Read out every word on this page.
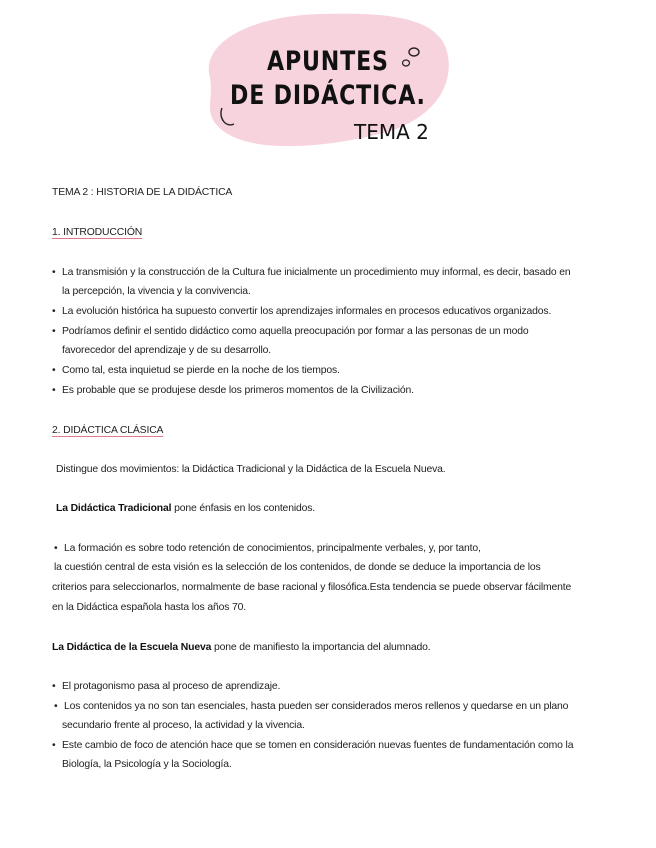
APUNTES
DE DIDÁCTICA.
TEMA 2
TEMA 2 : HISTORIA DE LA DIDÁCTICA
1. INTRODUCCIÓN
• La transmisión y la construcción de la Cultura fue inicialmente un procedimiento muy informal, es decir, basado en
la percepción, la vivencia y la convivencia.
• La evolución histórica ha supuesto convertir los aprendizajes informales en procesos educativos organizados.
• Podríamos definir el sentido didáctico como aquella preocupación por formar a las personas de un modo
favorecedor del aprendizaje y de su desarrollo.
• Como tal, esta inquietud se pierde en la noche de los tiempos.
• Es probable que se produjese desde los primeros momentos de la Civilización.
2. DIDÁCTICA CLÁSICA
Distingue dos movimientos: la Didáctica Tradicional y la Didáctica de la Escuela Nueva.
La Didáctica Tradicional pone énfasis en los contenidos.
• La formación es sobre todo retención de conocimientos, principalmente verbales, y, por tanto,
la cuestión central de esta visión es la selección de los contenidos, de donde se deduce la importancia de los
criterios para seleccionarlos, normalmente de base racional y filosófica.Esta tendencia se puede observar fácilmente
en la Didáctica española hasta los años 70.
La Didáctica de la Escuela Nueva pone de manifiesto la importancia del alumnado.
• El protagonismo pasa al proceso de aprendizaje.
• Los contenidos ya no son tan esenciales, hasta pueden ser considerados meros rellenos y quedarse en un plano
secundario frente al proceso, la actividad y la vivencia.
• Este cambio de foco de atención hace que se tomen en consideración nuevas fuentes de fundamentación como la
Biología, la Psicología y la Sociología.
